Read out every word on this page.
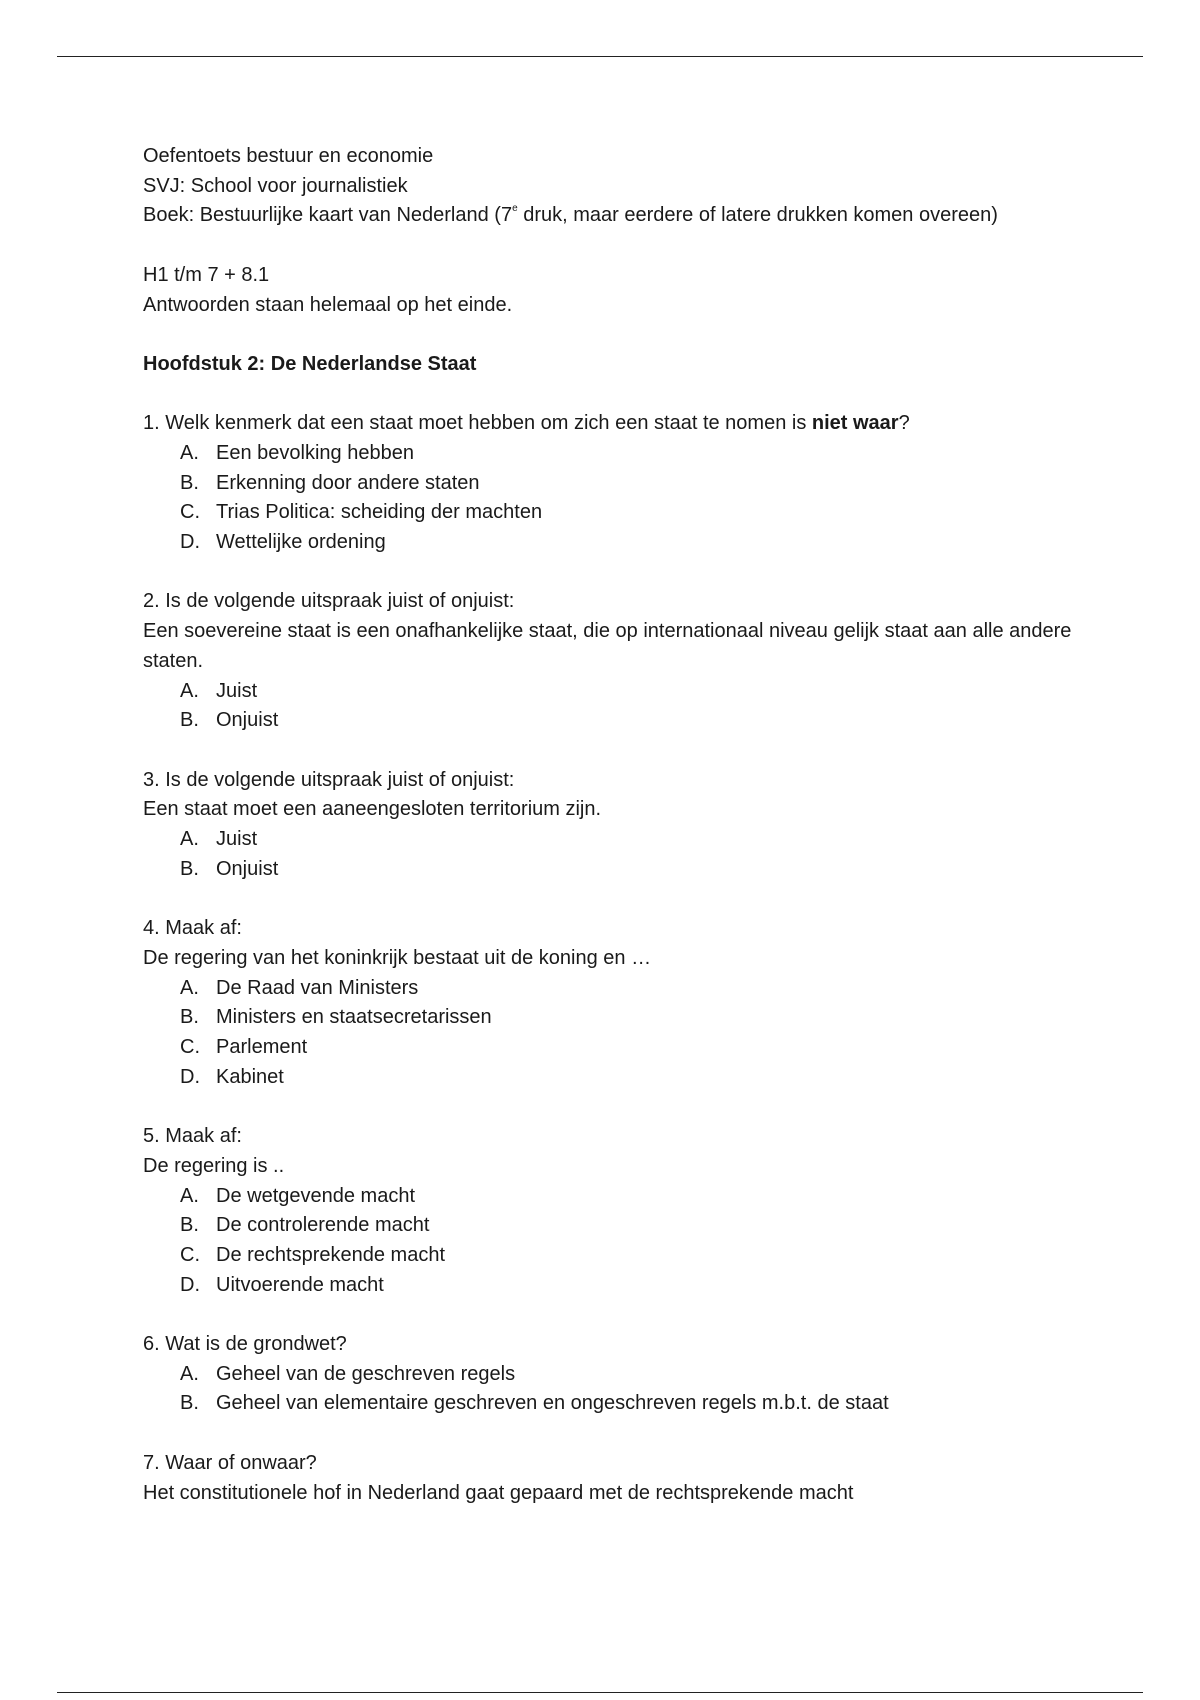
Oefentoets bestuur en economie
SVJ: School voor journalistiek
Boek: Bestuurlijke kaart van Nederland (7e druk, maar eerdere of latere drukken komen overeen)
H1 t/m 7 + 8.1
Antwoorden staan helemaal op het einde.
Hoofdstuk 2: De Nederlandse Staat
1. Welk kenmerk dat een staat moet hebben om zich een staat te nomen is niet waar?
A. Een bevolking hebben
B. Erkenning door andere staten
C. Trias Politica: scheiding der machten
D. Wettelijke ordening
2. Is de volgende uitspraak juist of onjuist:
Een soevereine staat is een onafhankelijke staat, die op internationaal niveau gelijk staat aan alle andere staten.
A. Juist
B. Onjuist
3. Is de volgende uitspraak juist of onjuist:
Een staat moet een aaneengesloten territorium zijn.
A. Juist
B. Onjuist
4. Maak af:
De regering van het koninkrijk bestaat uit de koning en …
A. De Raad van Ministers
B. Ministers en staatsecretarissen
C. Parlement
D. Kabinet
5. Maak af:
De regering is ..
A. De wetgevende macht
B. De controlerende macht
C. De rechtsprekende macht
D. Uitvoerende macht
6. Wat is de grondwet?
A. Geheel van de geschreven regels
B. Geheel van elementaire geschreven en ongeschreven regels m.b.t. de staat
7. Waar of onwaar?
Het constitutionele hof in Nederland gaat gepaard met de rechtsprekende macht
